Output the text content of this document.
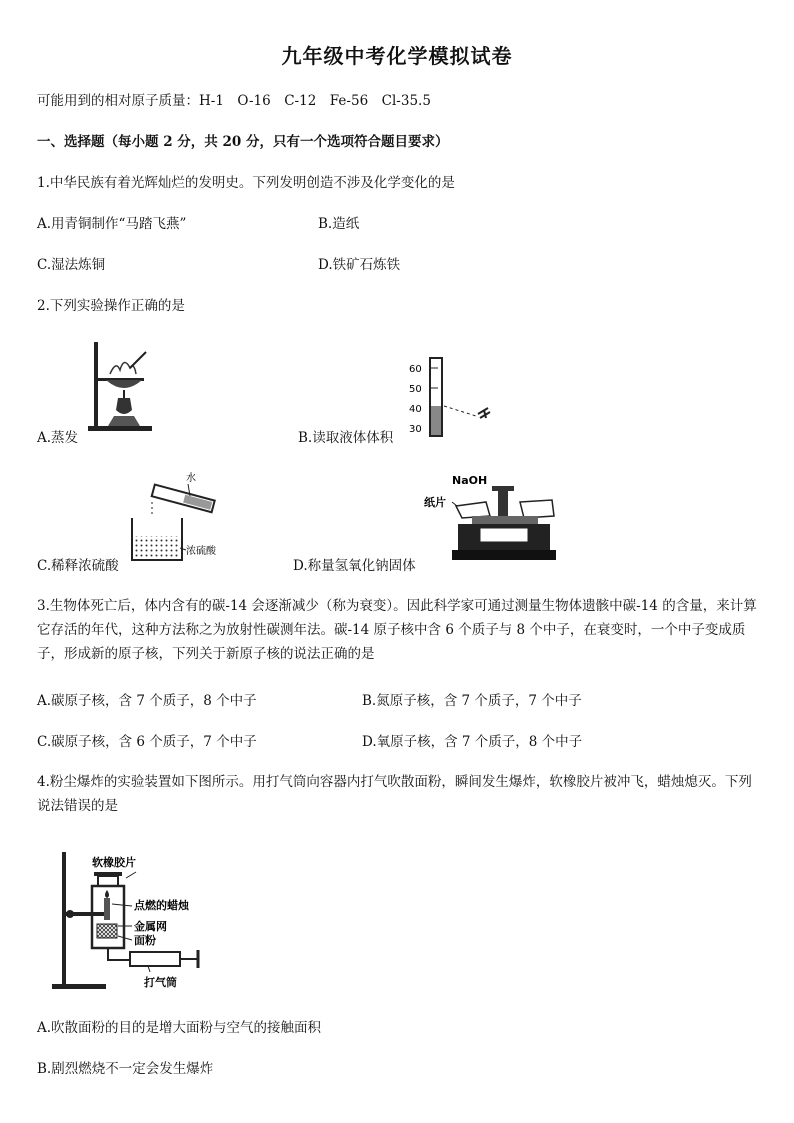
九年级中考化学模拟试卷
可能用到的相对原子质量：H-1　O-16　C-12　Fe-56　Cl-35.5
一、选择题（每小题 2 分，共 20 分，只有一个选项符合题目要求）
1.中华民族有着光辉灿烂的发明史。下列发明创造不涉及化学变化的是
A.用青铜制作“马踏飞燕”	B.造纸
C.湿法炼铜	D.铁矿石炼铁
2.下列实验操作正确的是
A.蒸发
60
50
40
30
B.读取液体体积
水
浓硫酸
C.稀释浓硫酸
NaOH
纸片
D.称量氢氧化钠固体
3.生物体死亡后，体内含有的碳-14 会逐渐减少（称为衰变）。因此科学家可通过测量生物体遗骸中碳-14 的含量，来计算它存活的年代，这种方法称之为放射性碳测年法。碳-14 原子核中含 6 个质子与 8 个中子，在衰变时，一个中子变成质子，形成新的原子核，下列关于新原子核的说法正确的是
A.碳原子核，含 7 个质子，8 个中子	B.氮原子核，含 7 个质子，7 个中子
C.碳原子核，含 6 个质子，7 个中子	D.氧原子核，含 7 个质子，8 个中子
4.粉尘爆炸的实验装置如下图所示。用打气筒向容器内打气吹散面粉，瞬间发生爆炸，软橡胶片被冲飞，蜡烛熄灭。下列说法错误的是
软橡胶片
点燃的蜡烛
金属网
面粉
打气筒
A.吹散面粉的目的是增大面粉与空气的接触面积
B.剧烈燃烧不一定会发生爆炸
